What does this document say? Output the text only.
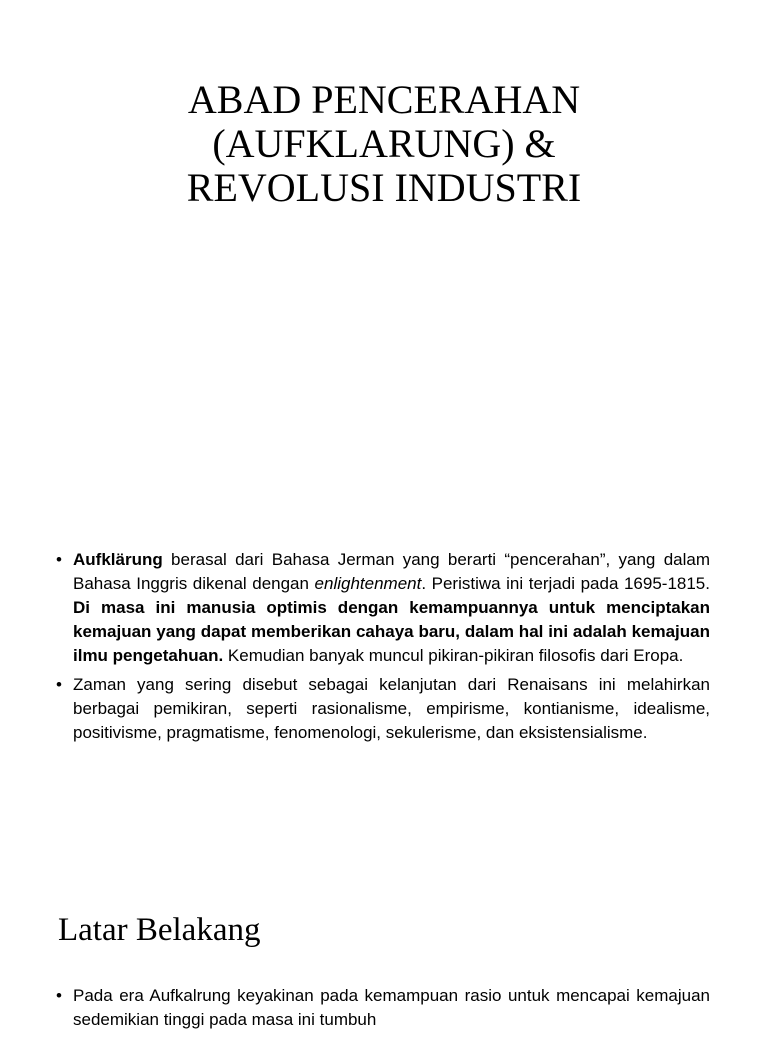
ABAD PENCERAHAN
(AUFKLARUNG) &
REVOLUSI INDUSTRI
• Aufklärung berasal dari Bahasa Jerman yang berarti “pencerahan”, yang dalam Bahasa Inggris dikenal dengan enlightenment. Peristiwa ini terjadi pada 1695-1815. Di masa ini manusia optimis dengan kemampuannya untuk menciptakan kemajuan yang dapat memberikan cahaya baru, dalam hal ini adalah kemajuan ilmu pengetahuan. Kemudian banyak muncul pikiran-pikiran filosofis dari Eropa.
• Zaman yang sering disebut sebagai kelanjutan dari Renaisans ini melahirkan berbagai pemikiran, seperti rasionalisme, empirisme, kontianisme, idealisme, positivisme, pragmatisme, fenomenologi, sekulerisme, dan eksistensialisme.
Latar Belakang
• Pada era Aufkalrung keyakinan pada kemampuan rasio untuk mencapai kemajuan sedemikian tinggi pada masa ini tumbuh
